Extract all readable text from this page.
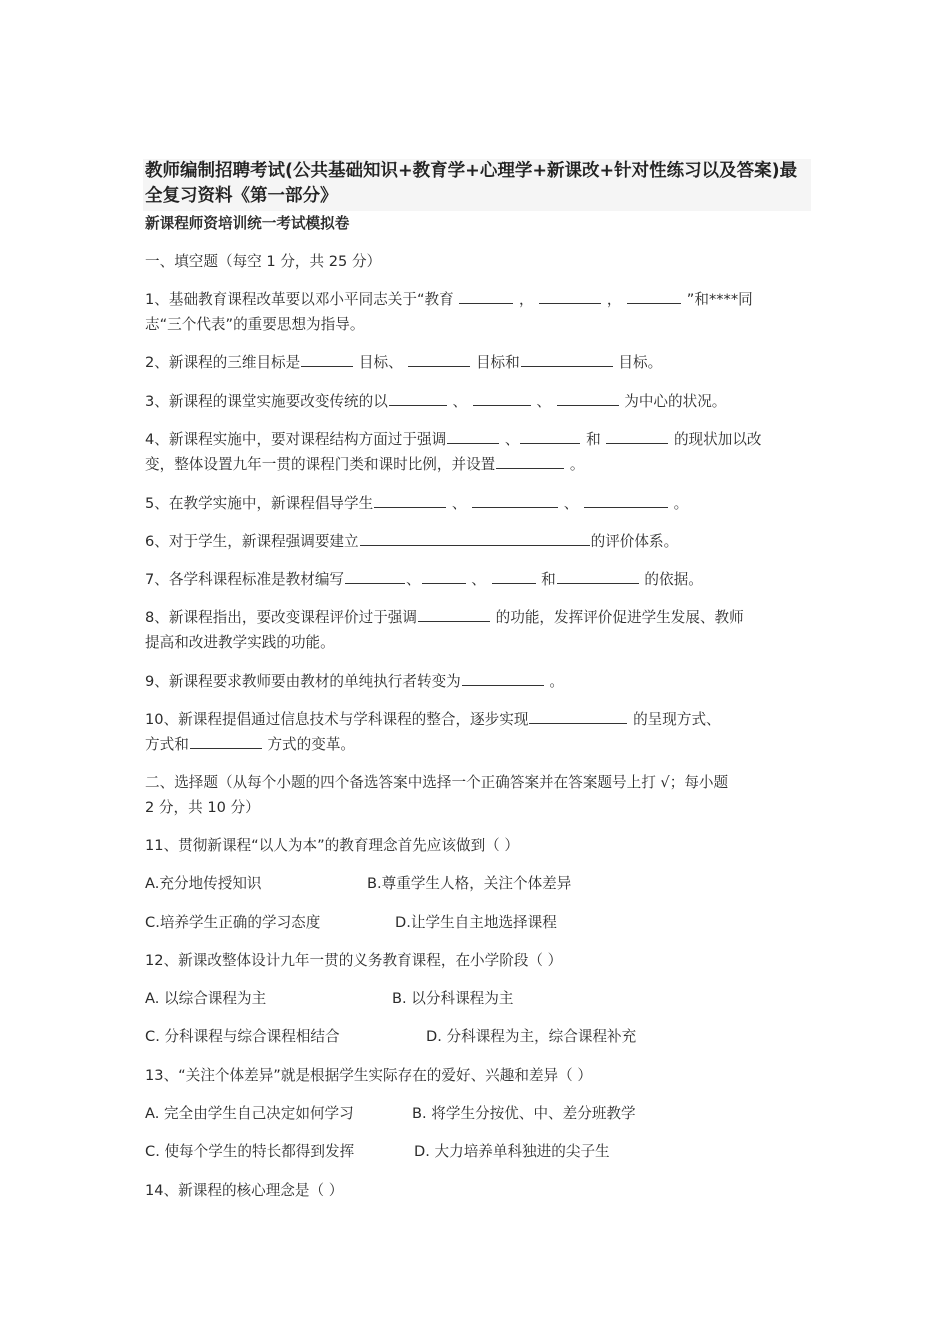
教师编制招聘考试(公共基础知识+教育学+心理学+新课改+针对性练习以及答案)最全复习资料《第一部分》

新课程师资培训统一考试模拟卷
一、填空题（每空 1 分，共 25 分）
1、基础教育课程改革要以邓小平同志关于“教育	，	，	”和****同
志“三个代表”的重要思想为指导。
2、新课程的三维目标是	目标、	目标和	目标。
3、新课程的课堂实施要改变传统的以	、	、	为中心的状况。
4、新课程实施中，要对课程结构方面过于强调	、	和	的现状加以改
变，整体设置九年一贯的课程门类和课时比例，并设置	。
5、在教学实施中，新课程倡导学生	、	、	。
6、对于学生，新课程强调要建立	的评价体系。
7、各学科课程标准是教材编写	、	、	和	的依据。
8、新课程指出，要改变课程评价过于强调	的功能，发挥评价促进学生发展、教师
提高和改进教学实践的功能。
9、新课程要求教师要由教材的单纯执行者转变为	。
10、新课程提倡通过信息技术与学科课程的整合，逐步实现	的呈现方式、
方式和	方式的变革。
二、选择题（从每个小题的四个备选答案中选择一个正确答案并在答案题号上打 √；每小题
2 分，共 10 分）
11、贯彻新课程“以人为本”的教育理念首先应该做到（ ）
A.充分地传授知识	B.尊重学生人格，关注个体差异
C.培养学生正确的学习态度	D.让学生自主地选择课程
12、新课改整体设计九年一贯的义务教育课程，在小学阶段（ ）
A. 以综合课程为主	B. 以分科课程为主
C. 分科课程与综合课程相结合	D. 分科课程为主，综合课程补充
13、“关注个体差异”就是根据学生实际存在的爱好、兴趣和差异（ ）
A. 完全由学生自己决定如何学习	B. 将学生分按优、中、差分班教学
C. 使每个学生的特长都得到发挥	D. 大力培养单科独进的尖子生
14、新课程的核心理念是（ ）
